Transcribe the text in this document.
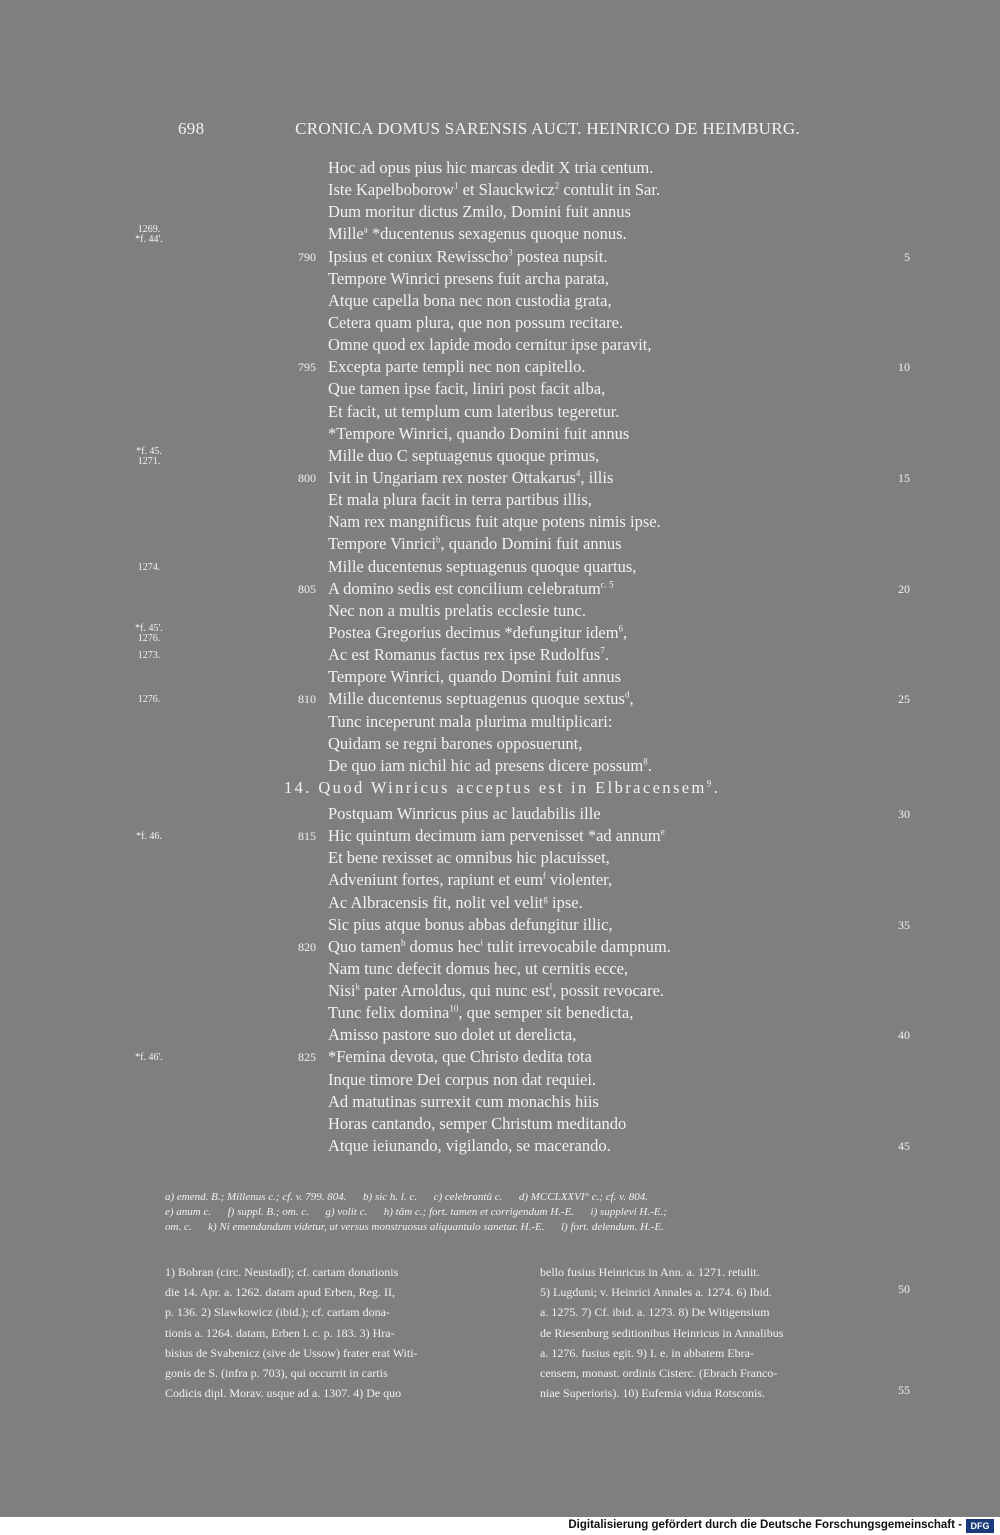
698	CRONICA DOMUS SARENSIS AUCT. HEINRICO DE HEIMBURG.
Hoc ad opus pius hic marcas dedit X tria centum.
Iste Kapelboborow$^1$ et Slauckwicz$^2$ contulit in Sar.
Dum moritur dictus Zmilo, Domini fuit annus
1269.
*f. 44'.	Mille$^a$ *ducentenus sexagenus quoque nonus.
790 Ipsius et coniux Rewisscho$^3$ postea nupsit.	5
Tempore Winrici presens fuit archa parata,
Atque capella bona nec non custodia grata,
Cetera quam plura, que non possum recitare.
Omne quod ex lapide modo cernitur ipse paravit,
795 Excepta parte templi nec non capitello.	10
Que tamen ipse facit, liniri post facit alba,
Et facit, ut templum cum lateribus tegeretur.
*Tempore Winrici, quando Domini fuit annus
*f. 45.
1271.	Mille duo C septuagenus quoque primus,
800 Ivit in Ungariam rex noster Ottakarus$^4$, illis	15
Et mala plura facit in terra partibus illis,
Nam rex mangnificus fuit atque potens nimis ipse.
Tempore Vinrici$^b$, quando Domini fuit annus
1274.	Mille ducentenus septuagenus quoque quartus,
805 A domino sedis est concilium celebratum$^{c. 5}$	20
Nec non a multis prelatis ecclesie tunc.
*f. 45'.
1276.	Postea Gregorius decimus *defungitur idem$^6$,
1273.	Ac est Romanus factus rex ipse Rudolfus$^7$.
Tempore Winrici, quando Domini fuit annus
1276.	810 Mille ducentenus septuagenus quoque sextus$^d$,	25
Tunc inceperunt mala plurima multiplicari:
Quidam se regni barones opposuerunt,
De quo iam nichil hic ad presens dicere possum$^8$.
14. Quod Winricus acceptus est in Elbracensem$^9$.
Postquam Winricus pius ac laudabilis ille	30
*f. 46.	815 Hic quintum decimum iam pervenisset *ad annum$^e$
Et bene rexisset ac omnibus hic placuisset,
Adveniunt fortes, rapiunt et eum$^f$ violenter,
Ac Albracensis fit, nolit vel velit$^g$ ipse.
Sic pius atque bonus abbas defungitur illic,	35
820 Quo tamen$^h$ domus hec$^i$ tulit irrevocabile dampnum.
Nam tunc defecit domus hec, ut cernitis ecce,
Nisi$^k$ pater Arnoldus, qui nunc est$^l$, possit revocare.
Tunc felix domina$^{10}$, que semper sit benedicta,
Amisso pastore suo dolet ut derelicta,	40
*f. 46'.	825 *Femina devota, que Christo dedita tota
Inque timore Dei corpus non dat requiei.
Ad matutinas surrexit cum monachis hiis
Horas cantando, semper Christum meditando
Atque ieiunando, vigilando, se macerando.	45
a) emend. B.; Millenus c.; cf. v. 799. 804.      b) sic h. l. c.      c) celebrantū c.      d) MCCLXXVI° c.; cf. v. 804.
e) anum c.      f) suppl. B.; om. c.      g) volit c.      h) tām c.; fort. tamen et corrigendum H.-E.      i) supplevi H.-E.;
om. c.      k) Ni emendandum videtur, ut versus monstruosus aliquantulo sanetur. H.-E.      l) fort. delendum. H.-E.
1) Bobran (circ. Neustadl); cf. cartam donationis
die 14. Apr. a. 1262. datam apud Erben, Reg. II,
p. 136. 2) Slawkowicz (ibid.); cf. cartam dona-
tionis a. 1264. datam, Erben l. c. p. 183. 3) Hra-
bisius de Svabenicz (sive de Ussow) frater erat Witi-
gonis de S. (infra p. 703), qui occurrit in cartis
Codicis dipl. Morav. usque ad a. 1307. 4) De quo
bello fusius Heinricus in Ann. a. 1271. retulit.
5) Lugduni; v. Heinrici Annales a. 1274. 6) Ibid.
a. 1275. 7) Cf. ibid. a. 1273. 8) De Witigensium
de Riesenburg seditionibus Heinricus in Annalibus
a. 1276. fusius egit. 9) I. e. in abbatem Ebra-
censem, monast. ordinis Cisterc. (Ebrach Franco-
niae Superioris). 10) Eufemia vidua Rotsconis.
50
55
Digitalisierung gefördert durch die Deutsche Forschungsgemeinschaft - DFG
